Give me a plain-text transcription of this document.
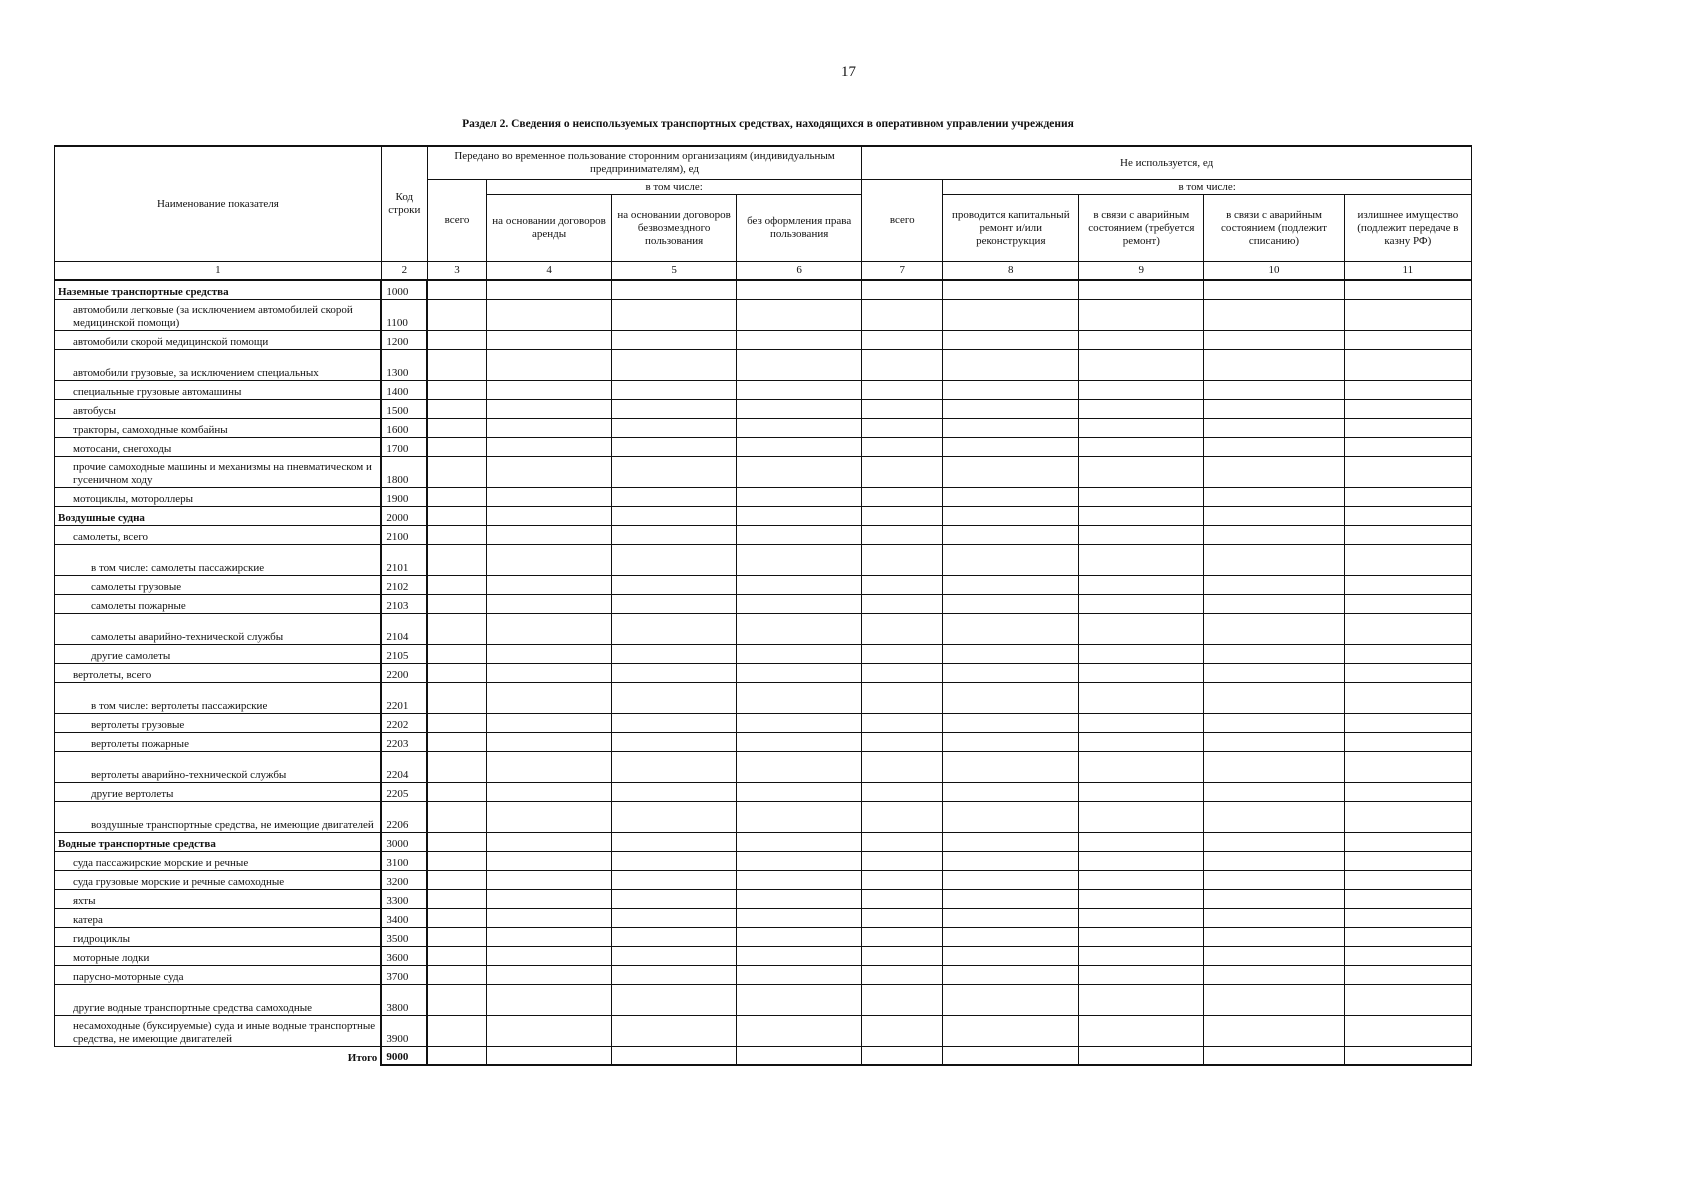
17
Раздел 2. Сведения о неиспользуемых транспортных средствах, находящихся в оперативном управлении учреждения
Наименование показателя	Код строки	Передано во временное пользование сторонним организациям (индивидуальным предпринимателям), ед				Не используется, ед				
		всего	в том числе:			всего	в том числе:			
			на основании договоров аренды	на основании договоров безвозмездного пользования	без оформления права пользования		проводится капитальный ремонт и/или реконструкция	в связи с аварийным состоянием (требуется ремонт)	в связи с аварийным состоянием (подлежит списанию)	излишнее имущество (подлежит передаче в казну РФ)
1	2	3	4	5	6	7	8	9	10	11
Наземные транспортные средства	1000									
автомобили легковые (за исключением автомобилей скорой медицинской помощи)	1100									
автомобили скорой медицинской помощи	1200									
автомобили грузовые, за исключением специальных	1300									
специальные грузовые автомашины	1400									
автобусы	1500									
тракторы, самоходные комбайны	1600									
мотосани, снегоходы	1700									
прочие самоходные машины и механизмы на пневматическом и гусеничном ходу	1800									
мотоциклы, мотороллеры	1900									
Воздушные судна	2000									
самолеты, всего	2100									
в том числе: самолеты пассажирские	2101									
самолеты грузовые	2102									
самолеты пожарные	2103									
самолеты аварийно-технической службы	2104									
другие самолеты	2105									
вертолеты, всего	2200									
в том числе: вертолеты пассажирские	2201									
вертолеты грузовые	2202									
вертолеты пожарные	2203									
вертолеты аварийно-технической службы	2204									
другие вертолеты	2205									
воздушные транспортные средства, не имеющие двигателей	2206									
Водные транспортные средства	3000									
суда пассажирские морские и речные	3100									
суда грузовые морские и речные самоходные	3200									
яхты	3300									
катера	3400									
гидроциклы	3500									
моторные лодки	3600									
парусно-моторные суда	3700									
другие водные транспортные средства самоходные	3800									
несамоходные (буксируемые) суда и иные водные транспортные средства, не имеющие двигателей	3900									
Итого	9000									
